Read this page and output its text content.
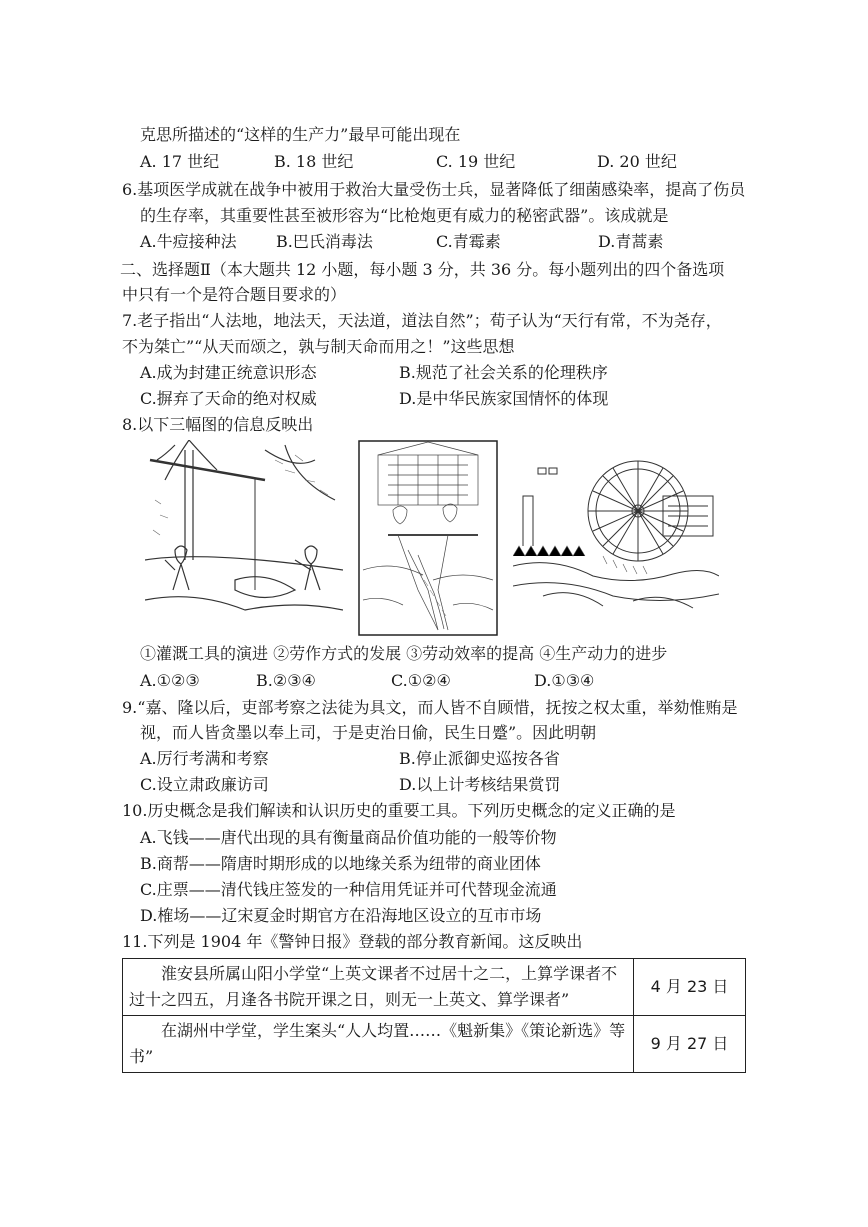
克思所描述的“这样的生产力”最早可能出现在
A. 17 世纪	B. 18 世纪	C. 19 世纪	D. 20 世纪
6.基项医学成就在战争中被用于救治大量受伤士兵，显著降低了细菌感染率，提高了伤员
的生存率，其重要性甚至被形容为“比枪炮更有威力的秘密武器”。该成就是
A.牛痘接种法 B.巴氏消毒法	C.青霉素	D.青蒿素
二、选择题Ⅱ（本大题共 12 小题，每小题 3 分，共 36 分。每小题列出的四个备选项
中只有一个是符合题目要求的）
7.老子指出“人法地，地法天，天法道，道法自然”；荀子认为“天行有常，不为尧存，
不为桀亡”“从天而颂之，孰与制天命而用之！”这些思想
A.成为封建正统意识形态	B.规范了社会关系的伦理秩序
C.摒弃了天命的绝对权威	D.是中华民族家国情怀的体现
8.以下三幅图的信息反映出
①灌溉工具的演进 ②劳作方式的发展 ③劳动效率的提高 ④生产动力的进步
A.①②③	B.②③④	C.①②④	D.①③④
9.“嘉、隆以后，吏部考察之法徒为具文，而人皆不自顾惜，抚按之权太重，举劾惟贿是
视，而人皆贪墨以奉上司，于是吏治日偷，民生日蹙”。因此明朝
A.厉行考满和考察	B.停止派御史巡按各省
C.设立肃政廉访司	D.以上计考核结果赏罚
10.历史概念是我们解读和认识历史的重要工具。下列历史概念的定义正确的是
A.飞钱——唐代出现的具有衡量商品价值功能的一般等价物
B.商帮——隋唐时期形成的以地缘关系为纽带的商业团体
C.庄票——清代钱庄签发的一种信用凭证并可代替现金流通
D.榷场——辽宋夏金时期官方在沿海地区设立的互市市场
11.下列是 1904 年《警钟日报》登载的部分教育新闻。这反映出
淮安县所属山阳小学堂“上英文课者不过居十之二，上算学课者不过十之四五，月逢各书院开课之日，则无一上英文、算学课者”	4 月 23 日
在湖州中学堂，学生案头“人人均置……《魁新集》《策论新选》等书”	9 月 27 日
